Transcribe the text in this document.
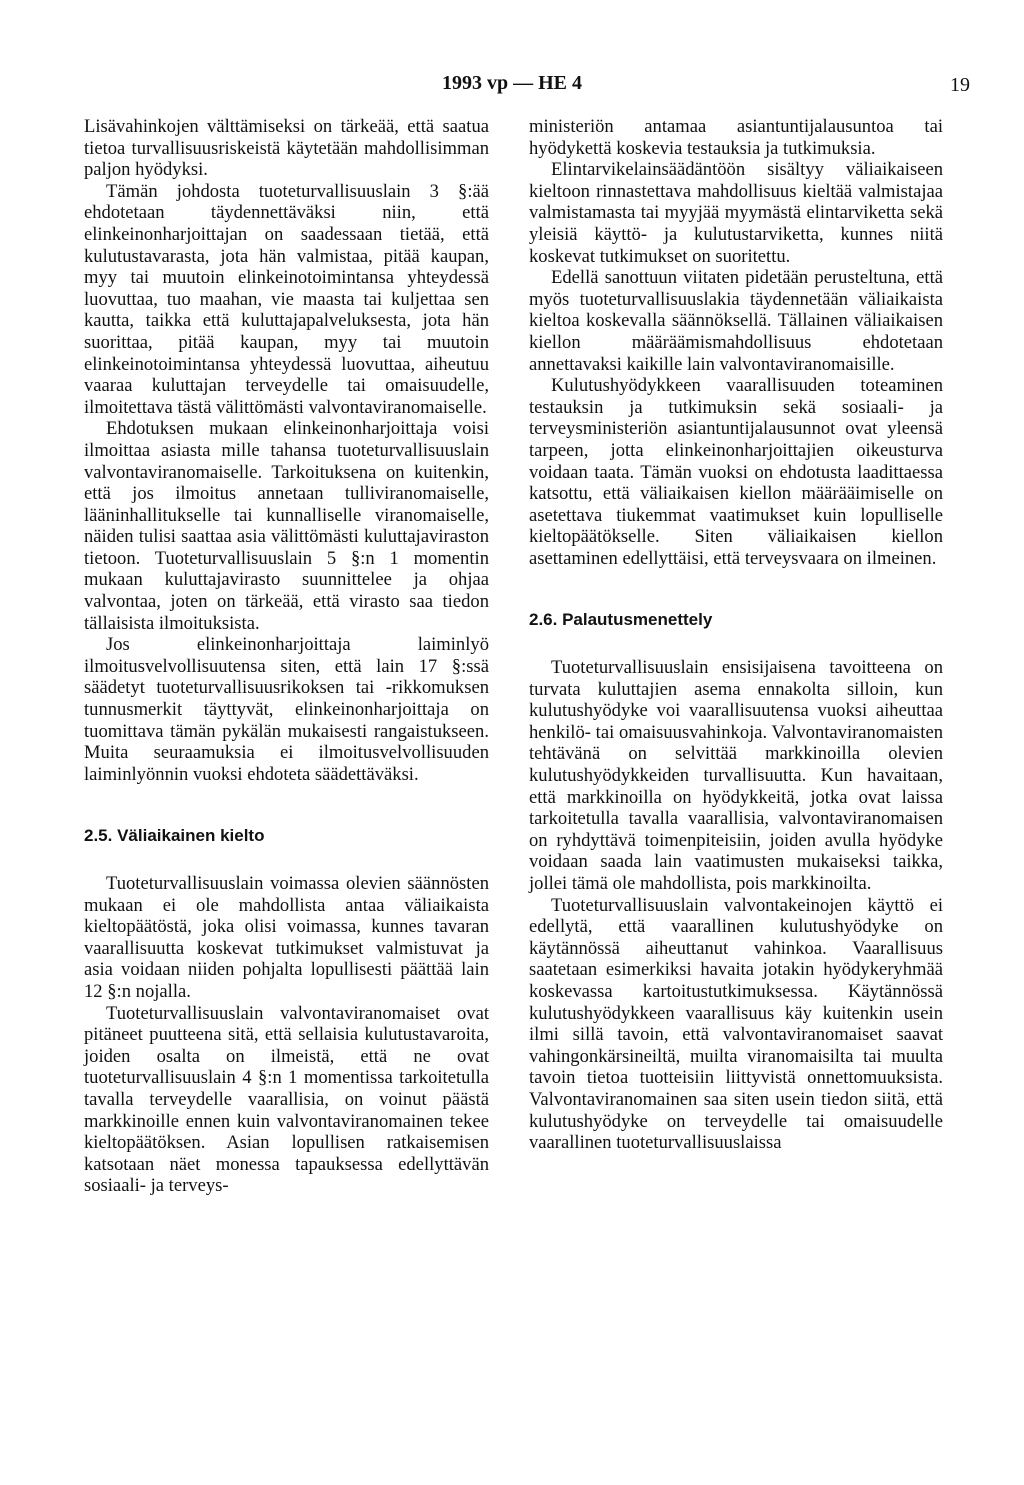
1993 vp — HE 4	19

Lisävahinkojen välttämiseksi on tärkeää, että saatua tietoa turvallisuusriskeistä käytetään mahdollisimman paljon hyödyksi.

Tämän johdosta tuoteturvallisuuslain 3 §:ää ehdotetaan täydennettäväksi niin, että elinkeinonharjoittajan on saadessaan tietää, että kulutustavarasta, jota hän valmistaa, pitää kaupan, myy tai muutoin elinkeinotoimintansa yhteydessä luovuttaa, tuo maahan, vie maasta tai kuljettaa sen kautta, taikka että kuluttajapalveluksesta, jota hän suorittaa, pitää kaupan, myy tai muutoin elinkeinotoimintansa yhteydessä luovuttaa, aiheutuu vaaraa kuluttajan terveydelle tai omaisuudelle, ilmoitettava tästä välittömästi valvontaviranomaiselle.

Ehdotuksen mukaan elinkeinonharjoittaja voisi ilmoittaa asiasta mille tahansa tuoteturvallisuuslain valvontaviranomaiselle. Tarkoituksena on kuitenkin, että jos ilmoitus annetaan tulliviranomaiselle, lääninhallitukselle tai kunnalliselle viranomaiselle, näiden tulisi saattaa asia välittömästi kuluttajaviraston tietoon. Tuoteturvallisuuslain 5 §:n 1 momentin mukaan kuluttajavirasto suunnittelee ja ohjaa valvontaa, joten on tärkeää, että virasto saa tiedon tällaisista ilmoituksista.

Jos elinkeinonharjoittaja laiminlyö ilmoitusvelvollisuutensa siten, että lain 17 §:ssä säädetyt tuoteturvallisuusrikoksen tai -rikkomuksen tunnusmerkit täyttyvät, elinkeinonharjoittaja on tuomittava tämän pykälän mukaisesti rangaistukseen. Muita seuraamuksia ei ilmoitusvelvollisuuden laiminlyönnin vuoksi ehdoteta säädettäväksi.

2.5. Väliaikainen kielto

Tuoteturvallisuuslain voimassa olevien säännösten mukaan ei ole mahdollista antaa väliaikaista kieltopäätöstä, joka olisi voimassa, kunnes tavaran vaarallisuutta koskevat tutkimukset valmistuvat ja asia voidaan niiden pohjalta lopullisesti päättää lain 12 §:n nojalla.

Tuoteturvallisuuslain valvontaviranomaiset ovat pitäneet puutteena sitä, että sellaisia kulutustavaroita, joiden osalta on ilmeistä, että ne ovat tuoteturvallisuuslain 4 §:n 1 momentissa tarkoitetulla tavalla terveydelle vaarallisia, on voinut päästä markkinoille ennen kuin valvontaviranomainen tekee kieltopäätöksen. Asian lopullisen ratkaisemisen katsotaan näet monessa tapauksessa edellyttävän sosiaali- ja terveys-

ministeriön antamaa asiantuntijalausuntoa tai hyödykettä koskevia testauksia ja tutkimuksia.

Elintarvikelainsäädäntöön sisältyy väliaikaiseen kieltoon rinnastettava mahdollisuus kieltää valmistajaa valmistamasta tai myyjää myymästä elintarviketta sekä yleisiä käyttö- ja kulutustarviketta, kunnes niitä koskevat tutkimukset on suoritettu.

Edellä sanottuun viitaten pidetään perusteltuna, että myös tuoteturvallisuuslakia täydennetään väliaikaista kieltoa koskevalla säännöksellä. Tällainen väliaikaisen kiellon määräämismahdollisuus ehdotetaan annettavaksi kaikille lain valvontaviranomaisille.

Kulutushyödykkeen vaarallisuuden toteaminen testauksin ja tutkimuksin sekä sosiaali- ja terveysministeriön asiantuntijalausunnot ovat yleensä tarpeen, jotta elinkeinonharjoittajien oikeusturva voidaan taata. Tämän vuoksi on ehdotusta laadittaessa katsottu, että väliaikaisen kiellon määrääimiselle on asetettava tiukemmat vaatimukset kuin lopulliselle kieltopäätökselle. Siten väliaikaisen kiellon asettaminen edellyttäisi, että terveysvaara on ilmeinen.

2.6. Palautusmenettely

Tuoteturvallisuuslain ensisijaisena tavoitteena on turvata kuluttajien asema ennakolta silloin, kun kulutushyödyke voi vaarallisuutensa vuoksi aiheuttaa henkilö- tai omaisuusvahinkoja. Valvontaviranomaisten tehtävänä on selvittää markkinoilla olevien kulutushyödykkeiden turvallisuutta. Kun havaitaan, että markkinoilla on hyödykkeitä, jotka ovat laissa tarkoitetulla tavalla vaarallisia, valvontaviranomaisen on ryhdyttävä toimenpiteisiin, joiden avulla hyödyke voidaan saada lain vaatimusten mukaiseksi taikka, jollei tämä ole mahdollista, pois markkinoilta.

Tuoteturvallisuuslain valvontakeinojen käyttö ei edellytä, että vaarallinen kulutushyödyke on käytännössä aiheuttanut vahinkoa. Vaarallisuus saatetaan esimerkiksi havaita jotakin hyödykeryhmää koskevassa kartoitustutkimuksessa. Käytännössä kulutushyödykkeen vaarallisuus käy kuitenkin usein ilmi sillä tavoin, että valvontaviranomaiset saavat vahingonkärsineiltä, muilta viranomaisilta tai muulta tavoin tietoa tuotteisiin liittyvistä onnettomuuksista. Valvontaviranomainen saa siten usein tiedon siitä, että kulutushyödyke on terveydelle tai omaisuudelle vaarallinen tuoteturvallisuuslaissa
